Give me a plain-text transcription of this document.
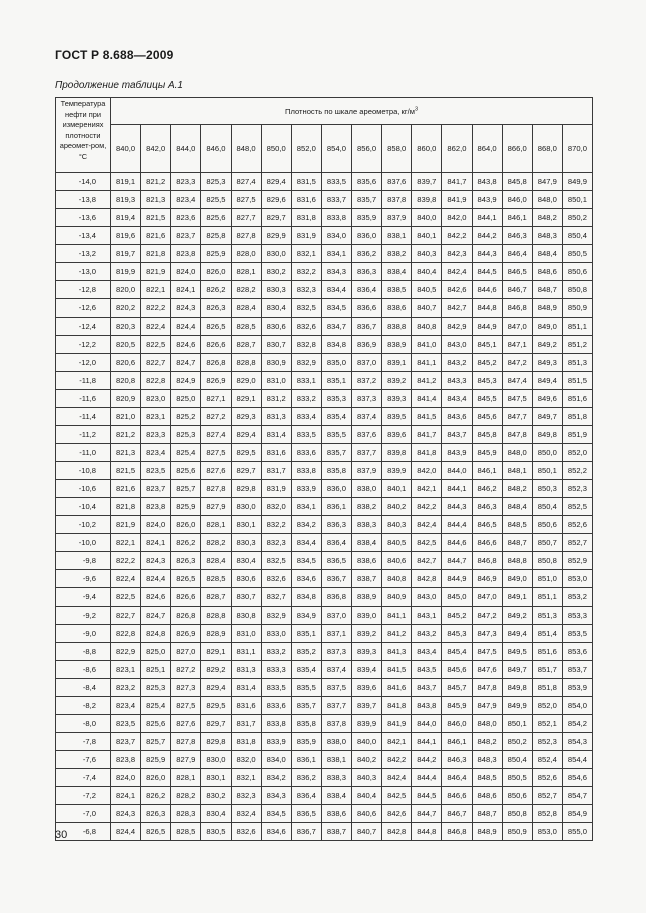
ГОСТ Р 8.688—2009
Продолжение таблицы А.1
Температура нефти при измерениях плотности ареомет-ром, °С	Плотность по шкале ареометра, $кг/м^3$
	840,0	842,0	844,0	846,0	848,0	850,0	852,0	854,0	856,0	858,0	860,0	862,0	864,0	866,0	868,0	870,0
-14,0	819,1	821,2	823,3	825,3	827,4	829,4	831,5	833,5	835,6	837,6	839,7	841,7	843,8	845,8	847,9	849,9
-13,8	819,3	821,3	823,4	825,5	827,5	829,6	831,6	833,7	835,7	837,8	839,8	841,9	843,9	846,0	848,0	850,1
-13,6	819,4	821,5	823,6	825,6	827,7	829,7	831,8	833,8	835,9	837,9	840,0	842,0	844,1	846,1	848,2	850,2
-13,4	819,6	821,6	823,7	825,8	827,8	829,9	831,9	834,0	836,0	838,1	840,1	842,2	844,2	846,3	848,3	850,4
-13,2	819,7	821,8	823,8	825,9	828,0	830,0	832,1	834,1	836,2	838,2	840,3	842,3	844,3	846,4	848,4	850,5
-13,0	819,9	821,9	824,0	826,0	828,1	830,2	832,2	834,3	836,3	838,4	840,4	842,4	844,5	846,5	848,6	850,6
-12,8	820,0	822,1	824,1	826,2	828,2	830,3	832,3	834,4	836,4	838,5	840,5	842,6	844,6	846,7	848,7	850,8
-12,6	820,2	822,2	824,3	826,3	828,4	830,4	832,5	834,5	836,6	838,6	840,7	842,7	844,8	846,8	848,9	850,9
-12,4	820,3	822,4	824,4	826,5	828,5	830,6	832,6	834,7	836,7	838,8	840,8	842,9	844,9	847,0	849,0	851,1
-12,2	820,5	822,5	824,6	826,6	828,7	830,7	832,8	834,8	836,9	838,9	841,0	843,0	845,1	847,1	849,2	851,2
-12,0	820,6	822,7	824,7	826,8	828,8	830,9	832,9	835,0	837,0	839,1	841,1	843,2	845,2	847,2	849,3	851,3
-11,8	820,8	822,8	824,9	826,9	829,0	831,0	833,1	835,1	837,2	839,2	841,2	843,3	845,3	847,4	849,4	851,5
-11,6	820,9	823,0	825,0	827,1	829,1	831,2	833,2	835,3	837,3	839,3	841,4	843,4	845,5	847,5	849,6	851,6
-11,4	821,0	823,1	825,2	827,2	829,3	831,3	833,4	835,4	837,4	839,5	841,5	843,6	845,6	847,7	849,7	851,8
-11,2	821,2	823,3	825,3	827,4	829,4	831,4	833,5	835,5	837,6	839,6	841,7	843,7	845,8	847,8	849,8	851,9
-11,0	821,3	823,4	825,4	827,5	829,5	831,6	833,6	835,7	837,7	839,8	841,8	843,9	845,9	848,0	850,0	852,0
-10,8	821,5	823,5	825,6	827,6	829,7	831,7	833,8	835,8	837,9	839,9	842,0	844,0	846,1	848,1	850,1	852,2
-10,6	821,6	823,7	825,7	827,8	829,8	831,9	833,9	836,0	838,0	840,1	842,1	844,1	846,2	848,2	850,3	852,3
-10,4	821,8	823,8	825,9	827,9	830,0	832,0	834,1	836,1	838,2	840,2	842,2	844,3	846,3	848,4	850,4	852,5
-10,2	821,9	824,0	826,0	828,1	830,1	832,2	834,2	836,3	838,3	840,3	842,4	844,4	846,5	848,5	850,6	852,6
-10,0	822,1	824,1	826,2	828,2	830,3	832,3	834,4	836,4	838,4	840,5	842,5	844,6	846,6	848,7	850,7	852,7
-9,8	822,2	824,3	826,3	828,4	830,4	832,5	834,5	836,5	838,6	840,6	842,7	844,7	846,8	848,8	850,8	852,9
-9,6	822,4	824,4	826,5	828,5	830,6	832,6	834,6	836,7	838,7	840,8	842,8	844,9	846,9	849,0	851,0	853,0
-9,4	822,5	824,6	826,6	828,7	830,7	832,7	834,8	836,8	838,9	840,9	843,0	845,0	847,0	849,1	851,1	853,2
-9,2	822,7	824,7	826,8	828,8	830,8	832,9	834,9	837,0	839,0	841,1	843,1	845,2	847,2	849,2	851,3	853,3
-9,0	822,8	824,8	826,9	828,9	831,0	833,0	835,1	837,1	839,2	841,2	843,2	845,3	847,3	849,4	851,4	853,5
-8,8	822,9	825,0	827,0	829,1	831,1	833,2	835,2	837,3	839,3	841,3	843,4	845,4	847,5	849,5	851,6	853,6
-8,6	823,1	825,1	827,2	829,2	831,3	833,3	835,4	837,4	839,4	841,5	843,5	845,6	847,6	849,7	851,7	853,7
-8,4	823,2	825,3	827,3	829,4	831,4	833,5	835,5	837,5	839,6	841,6	843,7	845,7	847,8	849,8	851,8	853,9
-8,2	823,4	825,4	827,5	829,5	831,6	833,6	835,7	837,7	839,7	841,8	843,8	845,9	847,9	849,9	852,0	854,0
-8,0	823,5	825,6	827,6	829,7	831,7	833,8	835,8	837,8	839,9	841,9	844,0	846,0	848,0	850,1	852,1	854,2
-7,8	823,7	825,7	827,8	829,8	831,8	833,9	835,9	838,0	840,0	842,1	844,1	846,1	848,2	850,2	852,3	854,3
-7,6	823,8	825,9	827,9	830,0	832,0	834,0	836,1	838,1	840,2	842,2	844,2	846,3	848,3	850,4	852,4	854,4
-7,4	824,0	826,0	828,1	830,1	832,1	834,2	836,2	838,3	840,3	842,4	844,4	846,4	848,5	850,5	852,6	854,6
-7,2	824,1	826,2	828,2	830,2	832,3	834,3	836,4	838,4	840,4	842,5	844,5	846,6	848,6	850,6	852,7	854,7
-7,0	824,3	826,3	828,3	830,4	832,4	834,5	836,5	838,6	840,6	842,6	844,7	846,7	848,7	850,8	852,8	854,9
-6,8	824,4	826,5	828,5	830,5	832,6	834,6	836,7	838,7	840,7	842,8	844,8	846,8	848,9	850,9	853,0	855,0
30
